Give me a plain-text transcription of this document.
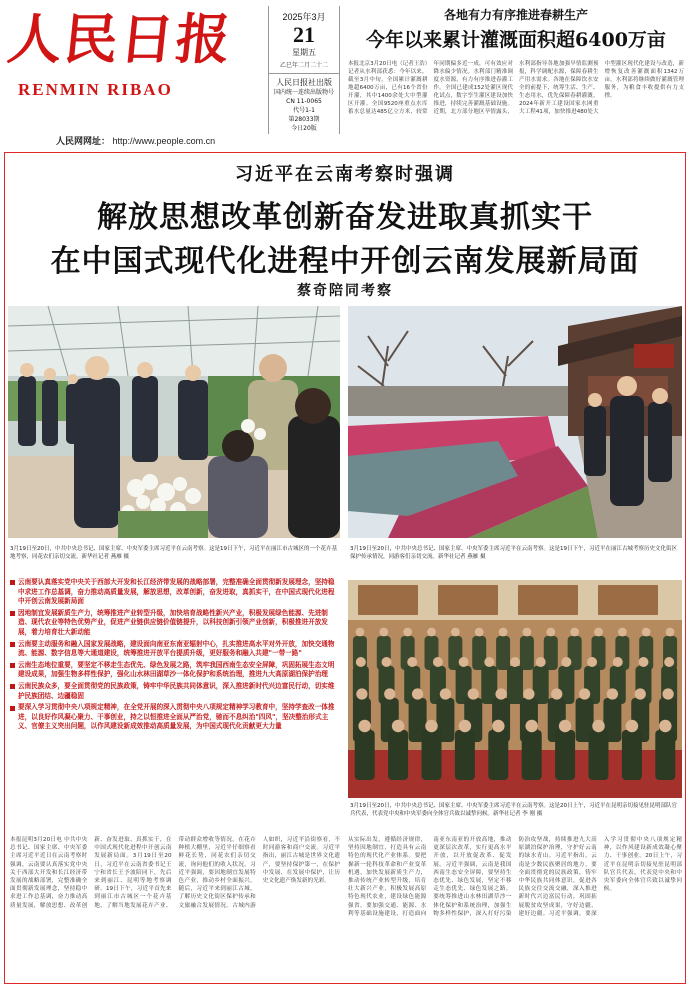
人民日报
RENMIN RIBAO
人民网网址： http://www.people.com.cn
2025年3月
21
星期五
乙巳年二月二十二
人民日报社出版
国内统一连续出版物号
CN 11-0065
代号1-1
第28033期
今日20版
各地有力有序推进春耕生产
今年以来累计灌溉面积超6400万亩
本报北京3月20日电（记者王浩）记者从水利部获悉：今年以来，截至3月中旬，全国累计灌溉耕地超6400万亩，已有16个省份开灌，其中1400余处大中型灌区开灌。全国9520座重点水库蓄水总量达485亿立方米，较常年同期偏多近一成，可有效应对降水偏少情况。水利部门精准调度水资源，有力有序推进春灌工作。全国已建成152处灌区现代化试点，数字孪生灌区建设加快推进，持续完善灌溉基础设施。近期，北方部分地区旱情露头，水利部指导各地加强旱情监测预报，科学调配水源，保障春耕生产用水需求。各地在保障饮水安全的前提下，统筹生活、生产、生态用水，优先保障春耕灌溉。2024年新开工建设国家水网重大工程41项，加快推进480处大中型灌区现代化建设与改造，新增恢复改善灌溉面积1342万亩。水利部将继续做好灌溉管理服务，为粮食丰收提供有力支撑。
习近平在云南考察时强调
解放思想改革创新奋发进取真抓实干
在中国式现代化进程中开创云南发展新局面
蔡奇陪同考察
3月19日至20日，中共中央总书记、国家主席、中央军委主席习近平在云南考察。这是19日下午，习近平在丽江市古城区的一个花卉基地考察，同花农们亲切交流。新华社记者 燕雁 摄
3月19日至20日，中共中央总书记、国家主席、中央军委主席习近平在云南考察。这是19日下午，习近平在丽江古城考察历史文化街区保护传承情况，同游客们亲切交流。新华社记者 燕雁 摄
云南要认真落实党中央关于西部大开发和长江经济带发展的战略部署，完整准确全面贯彻新发展理念，坚持稳中求进工作总基调，奋力推动高质量发展，解放思想，改革创新，奋发进取，真抓实干，在中国式现代化进程中开创云南发展新局面
因地制宜发展新质生产力，统筹推进产业转型升级，加快培育战略性新兴产业，积极发展绿色能源、先进制造、现代农业等特色优势产业，促进产业链供应链价值链提升，以科技创新引领产业创新，积极推进开放发展，着力培育壮大新动能
云南要主动服务和融入国家发展战略，建设面向南亚东南亚辐射中心，扎实推进高水平对外开放，加快交通物流、能源、数字信息等大通道建设，统筹推进开放平台提质升级，更好服务和融入共建"一带一路"
云南生态地位重要，要坚定不移走生态优先、绿色发展之路，筑牢我国西南生态安全屏障，巩固拓展生态文明建设成果，加强生物多样性保护，强化山水林田湖草沙一体化保护和系统治理，推进九大高原湖泊保护治理
云南民族众多，要全面贯彻党的民族政策，铸牢中华民族共同体意识，深入推进新时代兴边富民行动，切实维护民族团结、边疆稳固
要深入学习贯彻中央八项规定精神，在全党开展的深入贯彻中央八项规定精神学习教育中，坚持学查改一体推进，以良好作风凝心聚力、干事创业，持之以恒推进全面从严治党，驰而不息纠治"四风"，坚决整治形式主义、官僚主义突出问题，以作风建设新成效推动高质量发展，为中国式现代化贡献更大力量
3月19日至20日，中共中央总书记、国家主席、中央军委主席习近平在云南考察。这是20日上午，习近平在昆明亲切接见驻昆明部队官兵代表，代表党中央和中央军委向全体官兵致以诚挚问候。新华社记者 李 刚 摄
本报昆明3月20日电 中共中央总书记、国家主席、中央军委主席习近平近日在云南考察时强调，云南要认真落实党中央关于西部大开发和长江经济带发展的战略部署，完整准确全面贯彻新发展理念，坚持稳中求进工作总基调，奋力推动高质量发展，解放思想、改革创新、奋发进取、真抓实干，在中国式现代化进程中开创云南发展新局面。3月19日至20日，习近平在云南省委书记王宁和省长王予波陪同下，先后来到丽江、昆明等地考察调研。19日下午，习近平首先来到丽江市古城区一个花卉基地，了解当地发展花卉产业、带动群众增收等情况。在花卉种植大棚里，习近平仔细察看鲜花长势，同花农们亲切交流，询问他们的收入状况。习近平强调，要因地制宜发展特色产业，推动乡村全面振兴。随后，习近平来到丽江古城，了解历史文化街区保护传承和文旅融合发展情况。古城内游人如织，习近平沿街察看，不时同游客和商户交流。习近平指出，丽江古城是世界文化遗产，要坚持保护第一，在保护中发展、在发展中保护，让历史文化遗产焕发新的光彩。
从实际出发，遵循经济规律，坚持因地制宜，打造具有云南特色的现代化产业体系。要把握新一轮科技革命和产业变革机遇，加快发展新质生产力，推动传统产业转型升级，培育壮大新兴产业，积极发展高原特色现代农业，建设绿色能源强省。要加强交通、能源、水利等基础设施建设，打造面向南亚东南亚的开放高地，推动更深层次改革，实行更高水平开放，以开放促改革、促发展。习近平强调，云南是我国西南生态安全屏障，要坚持生态优先、绿色发展，坚定不移走生态优先、绿色发展之路。要统筹推进山水林田湖草沙一体化保护和系统治理，加强生物多样性保护，深入打好污染防治攻坚战，持续推进九大高原湖泊保护治理，守护好云南的绿水青山。习近平指出，云南是少数民族聚居的地方，要全面贯彻党的民族政策，铸牢中华民族共同体意识，促进各民族交往交流交融，深入推进新时代兴边富民行动，巩固拓展脱贫攻坚成果，守好边疆、建好边疆。习近平强调，要深入学习贯彻中央八项规定精神，以作风建设新成效凝心聚力、干事创业。20日上午，习近平在昆明亲切接见驻昆明部队官兵代表，代表党中央和中央军委向全体官兵致以诚挚问候。
